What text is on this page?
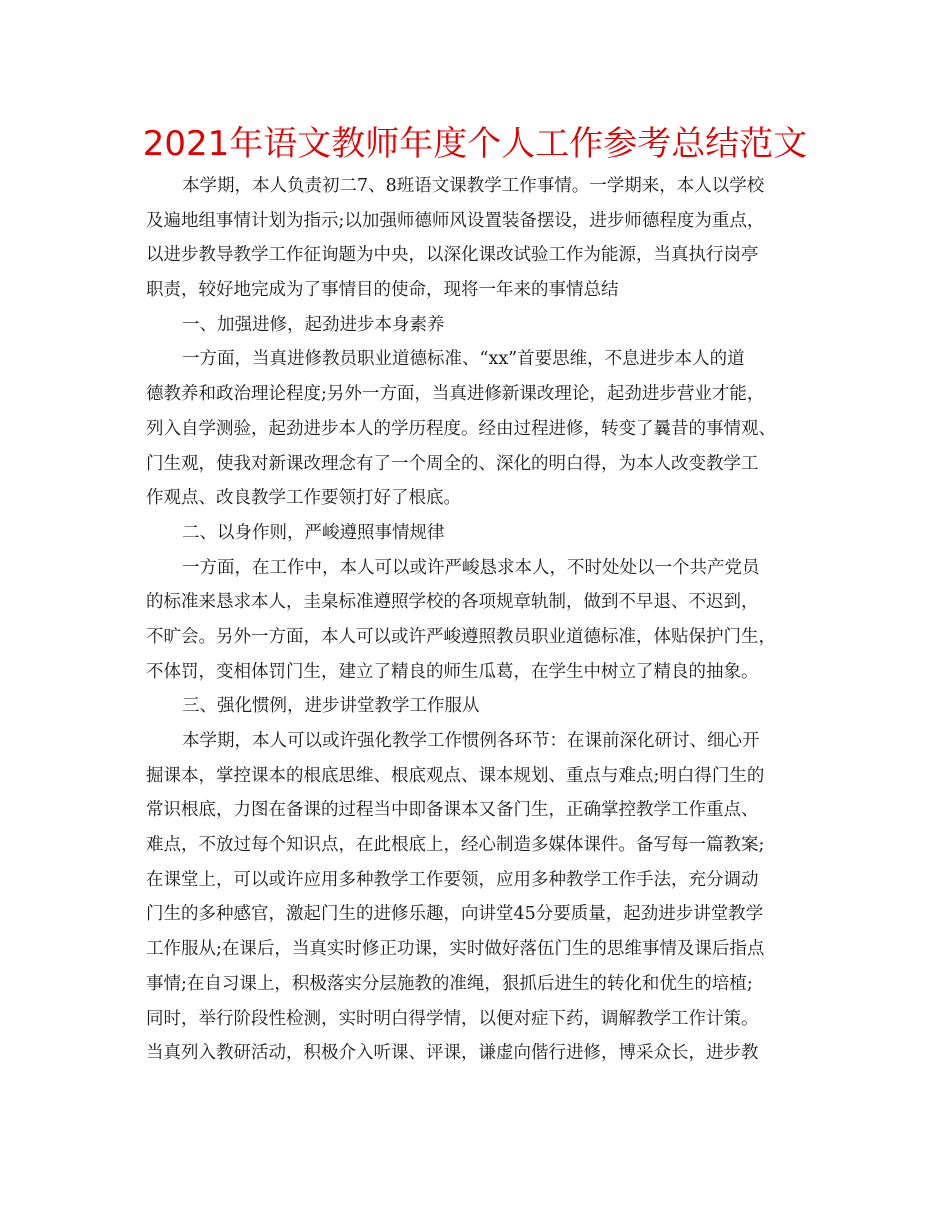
2021年语文教师年度个人工作参考总结范文
本学期，本人负责初二7、8班语文课教学工作事情。一学期来，本人以学校
及遍地组事情计划为指示;以加强师德师风设置装备摆设，进步师德程度为重点，
以进步教导教学工作征询题为中央，以深化课改试验工作为能源，当真执行岗亭
职责，较好地完成为了事情目的使命，现将一年来的事情总结
一、加强进修，起劲进步本身素养
一方面，当真进修教员职业道德标准、“xx”首要思维，不息进步本人的道
德教养和政治理论程度;另外一方面，当真进修新课改理论，起劲进步营业才能，
列入自学测验，起劲进步本人的学历程度。经由过程进修，转变了曩昔的事情观、
门生观，使我对新课改理念有了一个周全的、深化的明白得，为本人改变教学工
作观点、改良教学工作要领打好了根底。
二、以身作则，严峻遵照事情规律
一方面，在工作中，本人可以或许严峻恳求本人，不时处处以一个共产党员
的标准来恳求本人，圭臬标准遵照学校的各项规章轨制，做到不早退、不迟到，
不旷会。另外一方面，本人可以或许严峻遵照教员职业道德标准，体贴保护门生，
不体罚，变相体罚门生，建立了精良的师生瓜葛，在学生中树立了精良的抽象。
三、强化惯例，进步讲堂教学工作服从
本学期，本人可以或许强化教学工作惯例各环节：在课前深化研讨、细心开
掘课本，掌控课本的根底思维、根底观点、课本规划、重点与难点;明白得门生的
常识根底，力图在备课的过程当中即备课本又备门生，正确掌控教学工作重点、
难点，不放过每个知识点，在此根底上，经心制造多媒体课件。备写每一篇教案;
在课堂上，可以或许应用多种教学工作要领，应用多种教学工作手法，充分调动
门生的多种感官，激起门生的进修乐趣，向讲堂45分要质量，起劲进步讲堂教学
工作服从;在课后，当真实时修正功课，实时做好落伍门生的思维事情及课后指点
事情;在自习课上，积极落实分层施教的准绳，狠抓后进生的转化和优生的培植;
同时，举行阶段性检测，实时明白得学情，以便对症下药，调解教学工作计策。
当真列入教研活动，积极介入听课、评课，谦虚向偕行进修，博采众长，进步教
